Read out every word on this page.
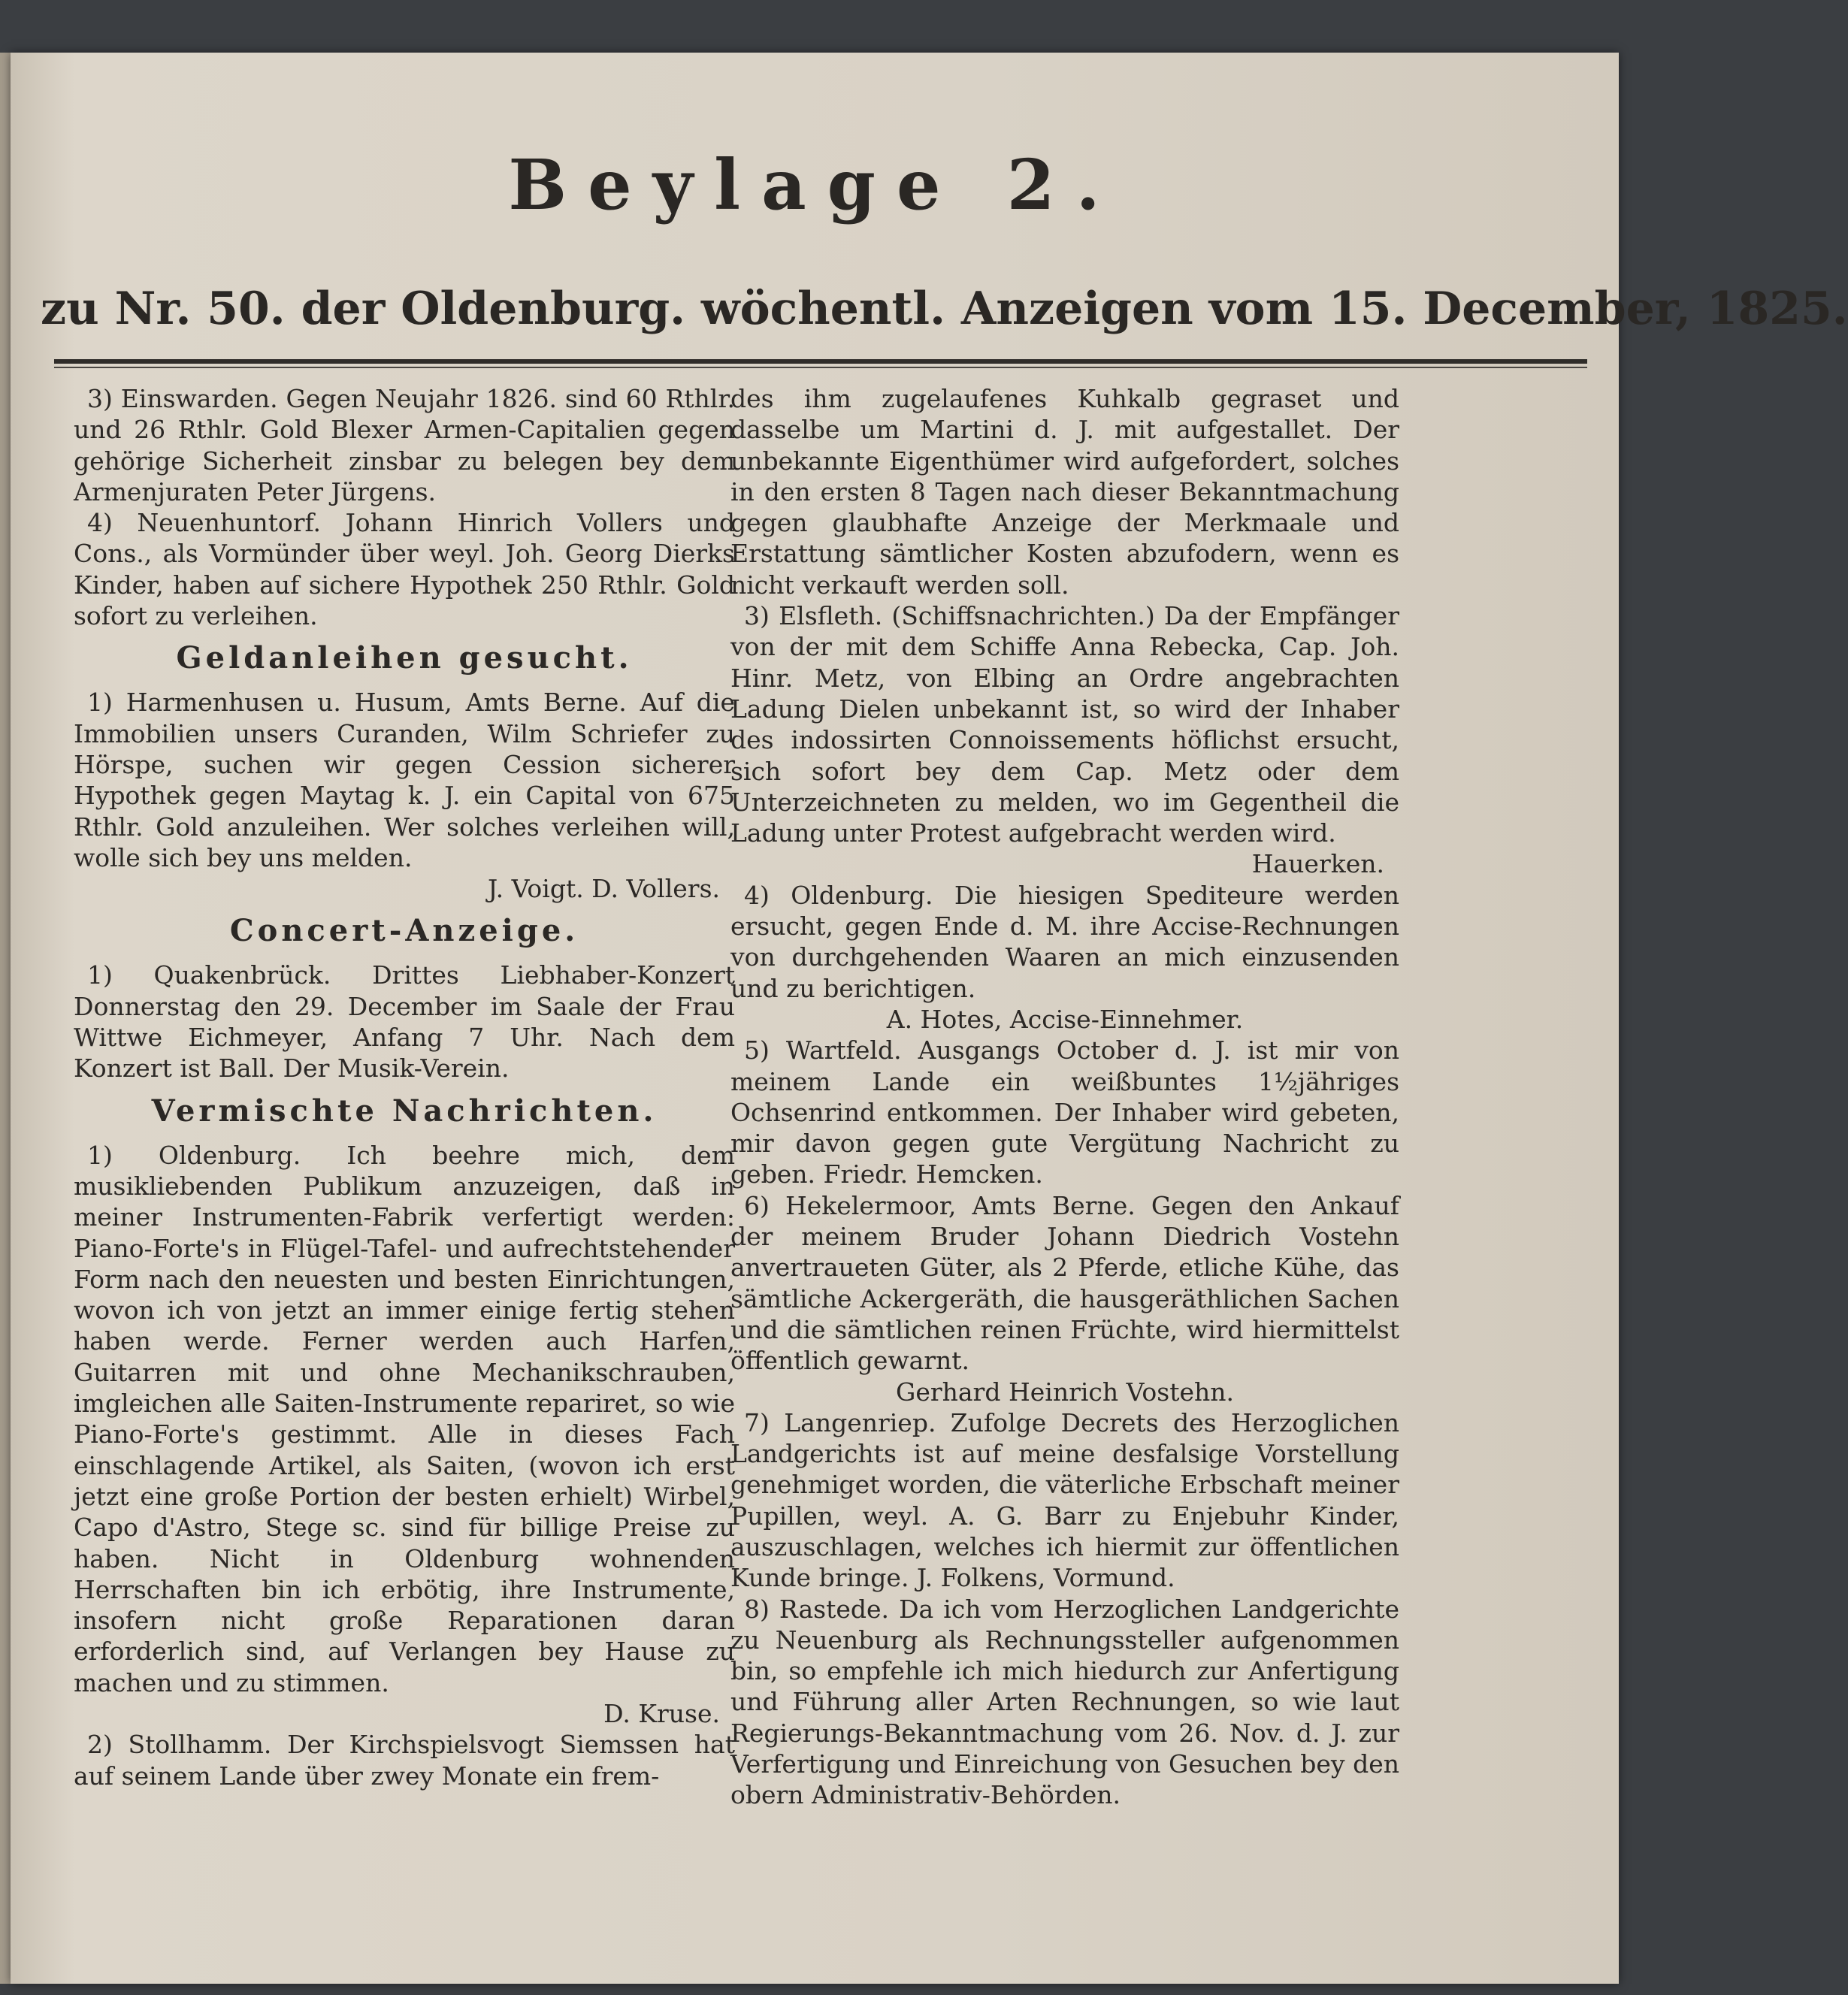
Beylage 2.
zu Nr. 50. der Oldenburg. wöchentl. Anzeigen vom 15. December, 1825.

3) Einswarden. Gegen Neujahr 1826. sind 60 Rthlr. und 26 Rthlr. Gold Blexer Armen-Capitalien gegen gehörige Sicherheit zinsbar zu belegen bey dem Armenjuraten Peter Jürgens.

4) Neuenhuntorf. Johann Hinrich Vollers und Cons., als Vormünder über weyl. Joh. Georg Dierks Kinder, haben auf sichere Hypothek 250 Rthlr. Gold sofort zu verleihen.

Geldanleihen gesucht.

1) Harmenhusen u. Husum, Amts Berne. Auf die Immobilien unsers Curanden, Wilm Schriefer zu Hörspe, suchen wir gegen Cession sicherer Hypothek gegen Maytag k. J. ein Capital von 675 Rthlr. Gold anzuleihen. Wer solches verleihen will, wolle sich bey uns melden.

J. Voigt. D. Vollers.

Concert-Anzeige.

1) Quakenbrück. Drittes Liebhaber-Konzert Donnerstag den 29. December im Saale der Frau Wittwe Eichmeyer, Anfang 7 Uhr. Nach dem Konzert ist Ball. Der Musik-Verein.

Vermischte Nachrichten.

1) Oldenburg. Ich beehre mich, dem musikliebenden Publikum anzuzeigen, daß in meiner Instrumenten-Fabrik verfertigt werden: Piano-Forte's in Flügel-Tafel- und aufrechtstehender Form nach den neuesten und besten Einrichtungen, wovon ich von jetzt an immer einige fertig stehen haben werde. Ferner werden auch Harfen, Guitarren mit und ohne Mechanikschrauben, imgleichen alle Saiten-Instrumente repariret, so wie Piano-Forte's gestimmt. Alle in dieses Fach einschlagende Artikel, als Saiten, (wovon ich erst jetzt eine große Portion der besten erhielt) Wirbel, Capo d'Astro, Stege sc. sind für billige Preise zu haben. Nicht in Oldenburg wohnenden Herrschaften bin ich erbötig, ihre Instrumente, insofern nicht große Reparationen daran erforderlich sind, auf Verlangen bey Hause zu machen und zu stimmen.

D. Kruse.

2) Stollhamm. Der Kirchspielsvogt Siemssen hat auf seinem Lande über zwey Monate ein frem-

des ihm zugelaufenes Kuhkalb gegraset und dasselbe um Martini d. J. mit aufgestallet. Der unbekannte Eigenthümer wird aufgefordert, solches in den ersten 8 Tagen nach dieser Bekanntmachung gegen glaubhafte Anzeige der Merkmaale und Erstattung sämtlicher Kosten abzufodern, wenn es nicht verkauft werden soll.

3) Elsfleth. (Schiffsnachrichten.) Da der Empfänger von der mit dem Schiffe Anna Rebecka, Cap. Joh. Hinr. Metz, von Elbing an Ordre angebrachten Ladung Dielen unbekannt ist, so wird der Inhaber des indossirten Connoissements höflichst ersucht, sich sofort bey dem Cap. Metz oder dem Unterzeichneten zu melden, wo im Gegentheil die Ladung unter Protest aufgebracht werden wird.

Hauerken.

4) Oldenburg. Die hiesigen Spediteure werden ersucht, gegen Ende d. M. ihre Accise-Rechnungen von durchgehenden Waaren an mich einzusenden und zu berichtigen.

A. Hotes, Accise-Einnehmer.

5) Wartfeld. Ausgangs October d. J. ist mir von meinem Lande ein weißbuntes 1½jähriges Ochsenrind entkommen. Der Inhaber wird gebeten, mir davon gegen gute Vergütung Nachricht zu geben. Friedr. Hemcken.

6) Hekelermoor, Amts Berne. Gegen den Ankauf der meinem Bruder Johann Diedrich Vostehn anvertraueten Güter, als 2 Pferde, etliche Kühe, das sämtliche Ackergeräth, die hausgeräthlichen Sachen und die sämtlichen reinen Früchte, wird hiermittelst öffentlich gewarnt.

Gerhard Heinrich Vostehn.

7) Langenriep. Zufolge Decrets des Herzoglichen Landgerichts ist auf meine desfalsige Vorstellung genehmiget worden, die väterliche Erbschaft meiner Pupillen, weyl. A. G. Barr zu Enjebuhr Kinder, auszuschlagen, welches ich hiermit zur öffentlichen Kunde bringe. J. Folkens, Vormund.

8) Rastede. Da ich vom Herzoglichen Landgerichte zu Neuenburg als Rechnungssteller aufgenommen bin, so empfehle ich mich hiedurch zur Anfertigung und Führung aller Arten Rechnungen, so wie laut Regierungs-Bekanntmachung vom 26. Nov. d. J. zur Verfertigung und Einreichung von Gesuchen bey den obern Administrativ-Behörden.
